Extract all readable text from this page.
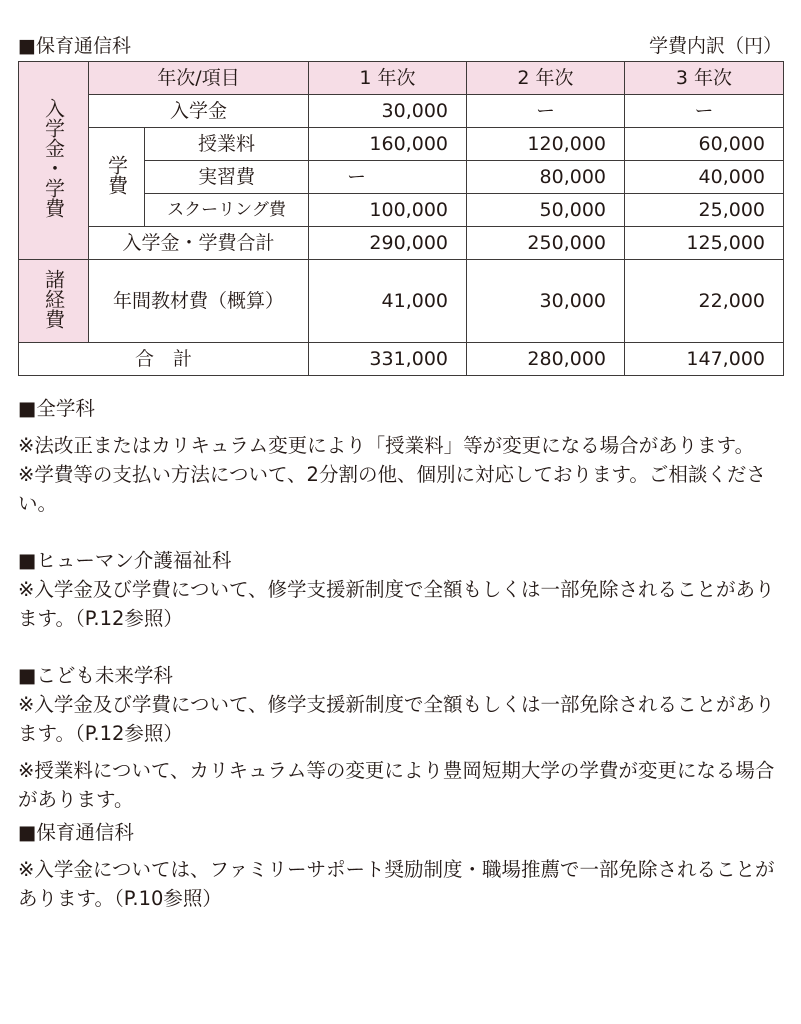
■保育通信科	学費内訳（円）
入学金・学費	年次/項目		1 年次	2 年次	3 年次
	入学金		30,000	ー	ー
	学費	授業料	160,000	120,000	60,000
		実習費	ー	80,000	40,000
		スクーリング費	100,000	50,000	25,000
	入学金・学費合計		290,000	250,000	125,000
諸経費	年間教材費（概算）		41,000	30,000	22,000
合　計			331,000	280,000	147,000

■全学科

※法改正またはカリキュラム変更により「授業料」等が変更になる場合があります。

※学費等の支払い方法について、2分割の他、個別に対応しております。ご相談ください。

■ヒューマン介護福祉科

※入学金及び学費について、修学支援新制度で全額もしくは一部免除されることがあります。（P.12参照）

■こども未来学科

※入学金及び学費について、修学支援新制度で全額もしくは一部免除されることがあります。（P.12参照）

※授業料について、カリキュラム等の変更により豊岡短期大学の学費が変更になる場合があります。

■保育通信科

※入学金については、ファミリーサポート奨励制度・職場推薦で一部免除されることがあります。（P.10参照）
